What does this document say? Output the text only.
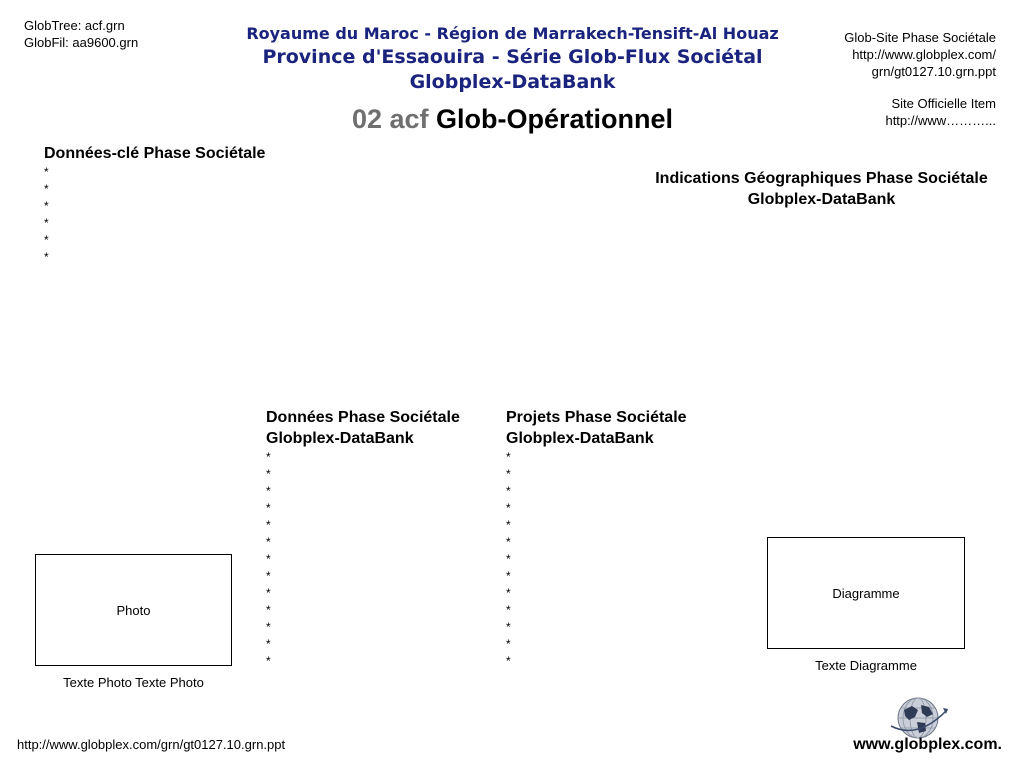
GlobTree: acf.grn
GlobFil: aa9600.grn	Royaume du Maroc - Région de Marrakech-Tensift-Al Houaz
Province d'Essaouira - Série Glob-Flux Sociétal
Globplex-DataBank
Glob-Site Phase Sociétale
http://www.globplex.com/
grn/gt0127.10.grn.ppt
Site Officielle Item
http://www………...
02 acf Glob-Opérationnel
Données-clé Phase Sociétale
*
*
*
*
*
*
Indications Géographiques Phase Sociétale
Globplex-DataBank
Données Phase Sociétale
Globplex-DataBank
*
*
*
*
*
*
*
*
*
*
*
*
*
Projets Phase Sociétale
Globplex-DataBank
*
*
*
*
*
*
*
*
*
*
*
*
*
Photo
Texte Photo Texte Photo
Diagramme
Texte Diagramme
http://www.globplex.com/grn/gt0127.10.grn.ppt	www.globplex.com.
